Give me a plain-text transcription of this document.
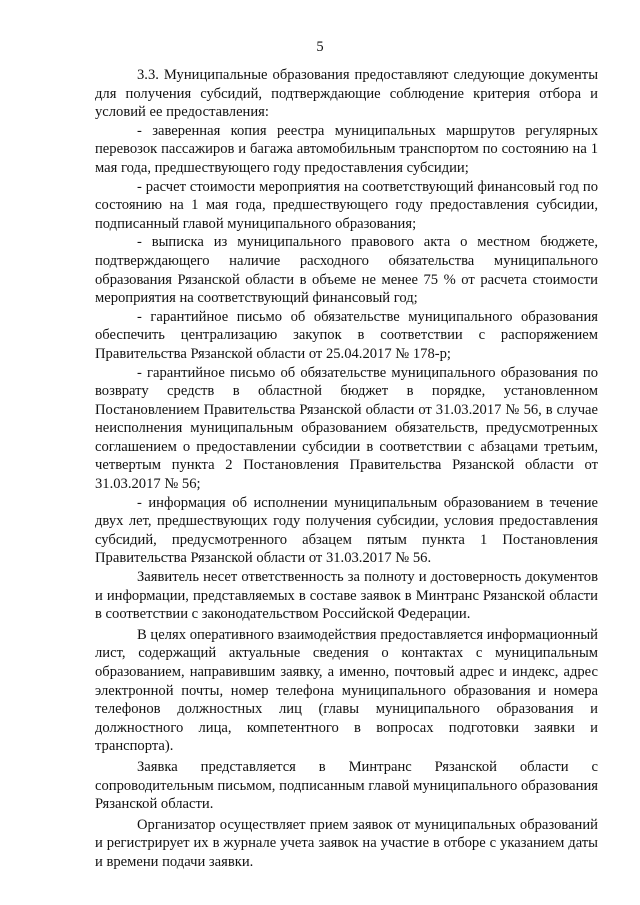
5

3.3. Муниципальные образования предоставляют следующие документы для получения субсидий, подтверждающие соблюдение критерия отбора и условий ее предоставления:

- заверенная копия реестра муниципальных маршрутов регулярных перевозок пассажиров и багажа автомобильным транспортом по состоянию на 1 мая года, предшествующего году предоставления субсидии;

- расчет стоимости мероприятия на соответствующий финансовый год по состоянию на 1 мая года, предшествующего году предоставления субсидии, подписанный главой муниципального образования;

- выписка из муниципального правового акта о местном бюджете, подтверждающего наличие расходного обязательства муниципального образования Рязанской области в объеме не менее 75 % от расчета стоимости мероприятия на соответствующий финансовый год;

- гарантийное письмо об обязательстве муниципального образования обеспечить централизацию закупок в соответствии с распоряжением Правительства Рязанской области от 25.04.2017 № 178-р;

- гарантийное письмо об обязательстве муниципального образования по возврату средств в областной бюджет в порядке, установленном Постановлением Правительства Рязанской области от 31.03.2017 № 56, в случае неисполнения муниципальным образованием обязательств, предусмотренных соглашением о предоставлении субсидии в соответствии с абзацами третьим, четвертым пункта 2 Постановления Правительства Рязанской области от 31.03.2017 № 56;

- информация об исполнении муниципальным образованием в течение двух лет, предшествующих году получения субсидии, условия предоставления субсидий, предусмотренного абзацем пятым пункта 1 Постановления Правительства Рязанской области от 31.03.2017 № 56.

Заявитель несет ответственность за полноту и достоверность документов и информации, представляемых в составе заявок в Минтранс Рязанской области в соответствии с законодательством Российской Федерации.

В целях оперативного взаимодействия предоставляется информационный лист, содержащий актуальные сведения о контактах с муниципальным образованием, направившим заявку, а именно, почтовый адрес и индекс, адрес электронной почты, номер телефона муниципального образования и номера телефонов должностных лиц (главы муниципального образования и должностного лица, компетентного в вопросах подготовки заявки и транспорта).

Заявка представляется в Минтранс Рязанской области с сопроводительным письмом, подписанным главой муниципального образования Рязанской области.

Организатор осуществляет прием заявок от муниципальных образований и регистрирует их в журнале учета заявок на участие в отборе с указанием даты и времени подачи заявки.
